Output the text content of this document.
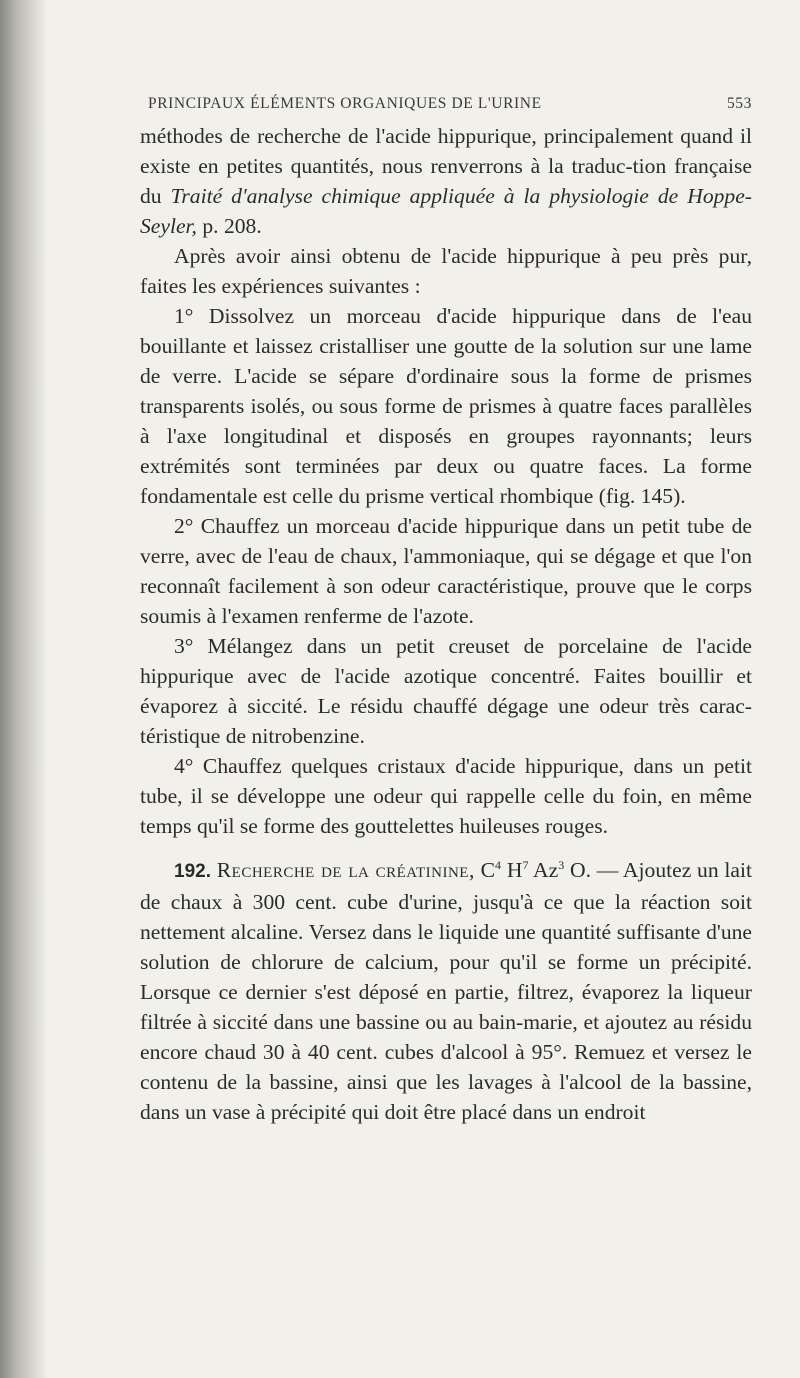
PRINCIPAUX ÉLÉMENTS ORGANIQUES DE L'URINE	553

méthodes de recherche de l'acide hippurique, principalement quand il existe en petites quantités, nous renverrons à la traduc-tion française du Traité d'analyse chimique appliquée à la physiologie de Hoppe-Seyler, p. 208.

Après avoir ainsi obtenu de l'acide hippurique à peu près pur, faites les expériences suivantes :

1° Dissolvez un morceau d'acide hippurique dans de l'eau bouillante et laissez cristalliser une goutte de la solution sur une lame de verre. L'acide se sépare d'ordinaire sous la forme de prismes transparents isolés, ou sous forme de prismes à quatre faces parallèles à l'axe longitudinal et disposés en groupes rayonnants; leurs extrémités sont terminées par deux ou quatre faces. La forme fondamentale est celle du prisme vertical rhombique (fig. 145).

2° Chauffez un morceau d'acide hippurique dans un petit tube de verre, avec de l'eau de chaux, l'ammoniaque, qui se dégage et que l'on reconnaît facilement à son odeur caractéristique, prouve que le corps soumis à l'examen renferme de l'azote.

3° Mélangez dans un petit creuset de porcelaine de l'acide hippurique avec de l'acide azotique concentré. Faites bouillir et évaporez à siccité. Le résidu chauffé dégage une odeur très carac-téristique de nitrobenzine.

4° Chauffez quelques cristaux d'acide hippurique, dans un petit tube, il se développe une odeur qui rappelle celle du foin, en même temps qu'il se forme des gouttelettes huileuses rouges.

192. Recherche de la créatinine, $C^4$ $H^7$ Az$^3$ O. — Ajoutez un lait de chaux à 300 cent. cube d'urine, jusqu'à ce que la réaction soit nettement alcaline. Versez dans le liquide une quantité suffisante d'une solution de chlorure de calcium, pour qu'il se forme un précipité. Lorsque ce dernier s'est déposé en partie, filtrez, évaporez la liqueur filtrée à siccité dans une bassine ou au bain-marie, et ajoutez au résidu encore chaud 30 à 40 cent. cubes d'alcool à 95°. Remuez et versez le contenu de la bassine, ainsi que les lavages à l'alcool de la bassine, dans un vase à précipité qui doit être placé dans un endroit
